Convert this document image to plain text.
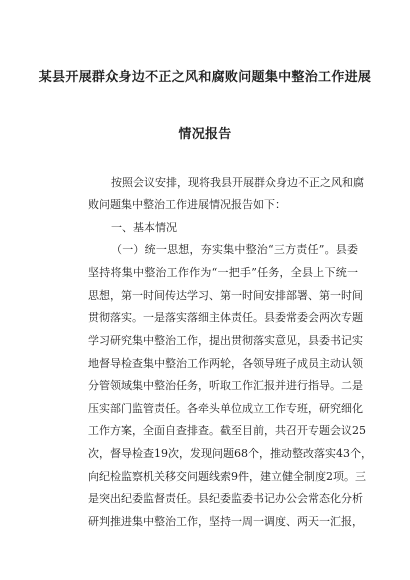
某县开展群众身边不正之风和腐败问题集中整治工作进展
情况报告
按照会议安排，现将我县开展群众身边不正之风和腐
败问题集中整治工作进展情况报告如下：
一、基本情况
（一）统一思想，夯实集中整治“三方责任”。县委
坚持将集中整治工作作为“一把手”任务，全县上下统一
思想，第一时间传达学习、第一时间安排部署、第一时间
贯彻落实。一是落实落细主体责任。县委常委会两次专题
学习研究集中整治工作，提出贯彻落实意见，县委书记实
地督导检查集中整治工作两轮，各领导班子成员主动认领
分管领域集中整治任务，听取工作汇报并进行指导。二是
压实部门监管责任。各牵头单位成立工作专班，研究细化
工作方案，全面自查排查。截至目前，共召开专题会议25
次，督导检查19次，发现问题68个，推动整改落实43个，
向纪检监察机关移交问题线索9件，建立健全制度2项。三
是突出纪委监督责任。县纪委监委书记办公会常态化分析
研判推进集中整治工作，坚持一周一调度、两天一汇报，
